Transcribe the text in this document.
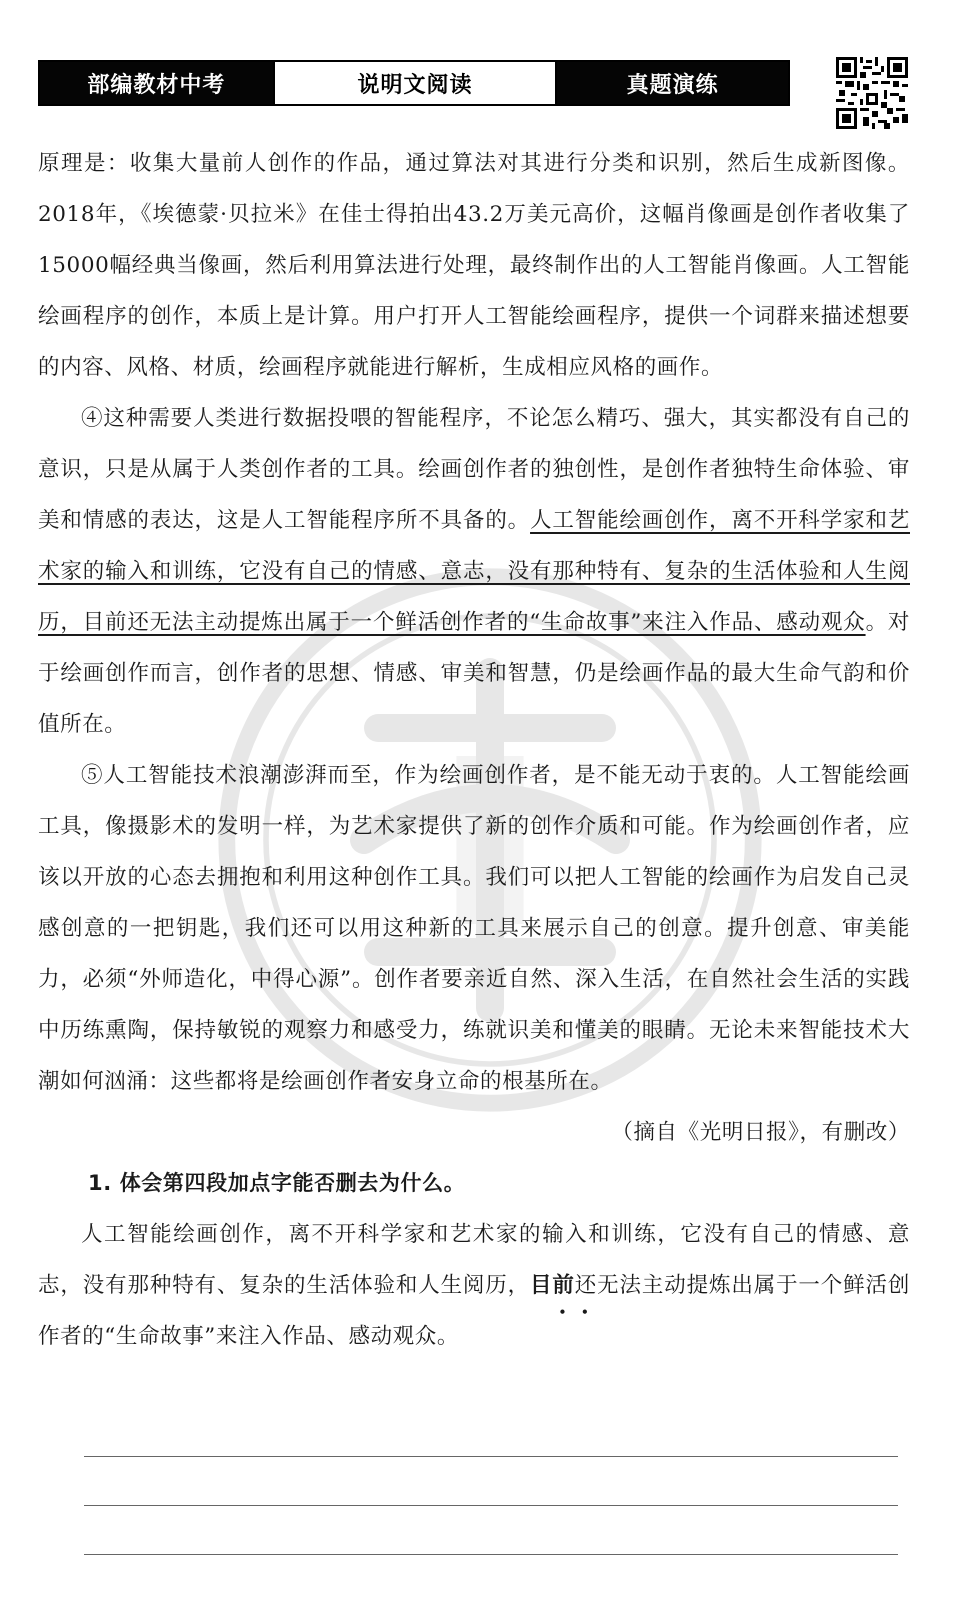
部编教材中考	说明文阅读	真题演练

原理是：收集大量前人创作的作品，通过算法对其进行分类和识别，然后生成新图像。2018年，《埃德蒙·贝拉米》在佳士得拍出43.2万美元高价，这幅肖像画是创作者收集了15000幅经典当像画，然后利用算法进行处理，最终制作出的人工智能肖像画。人工智能绘画程序的创作，本质上是计算。用户打开人工智能绘画程序，提供一个词群来描述想要的内容、风格、材质，绘画程序就能进行解析，生成相应风格的画作。

④这种需要人类进行数据投喂的智能程序，不论怎么精巧、强大，其实都没有自己的意识，只是从属于人类创作者的工具。绘画创作者的独创性，是创作者独特生命体验、审美和情感的表达，这是人工智能程序所不具备的。人工智能绘画创作，离不开科学家和艺术家的输入和训练，它没有自己的情感、意志，没有那种特有、复杂的生活体验和人生阅历，目前还无法主动提炼出属于一个鲜活创作者的“生命故事”来注入作品、感动观众。对于绘画创作而言，创作者的思想、情感、审美和智慧，仍是绘画作品的最大生命气韵和价值所在。

⑤人工智能技术浪潮澎湃而至，作为绘画创作者，是不能无动于衷的。人工智能绘画工具，像摄影术的发明一样，为艺术家提供了新的创作介质和可能。作为绘画创作者，应该以开放的心态去拥抱和利用这种创作工具。我们可以把人工智能的绘画作为启发自己灵感创意的一把钥匙，我们还可以用这种新的工具来展示自己的创意。提升创意、审美能力，必须“外师造化，中得心源”。创作者要亲近自然、深入生活，在自然社会生活的实践中历练熏陶，保持敏锐的观察力和感受力，练就识美和懂美的眼睛。无论未来智能技术大潮如何汹涌：这些都将是绘画创作者安身立命的根基所在。

（摘自《光明日报》，有删改）

1. 体会第四段加点字能否删去为什么。

人工智能绘画创作，离不开科学家和艺术家的输入和训练，它没有自己的情感、意志，没有那种特有、复杂的生活体验和人生阅历，目前还无法主动提炼出属于一个鲜活创作者的“生命故事”来注入作品、感动观众。
